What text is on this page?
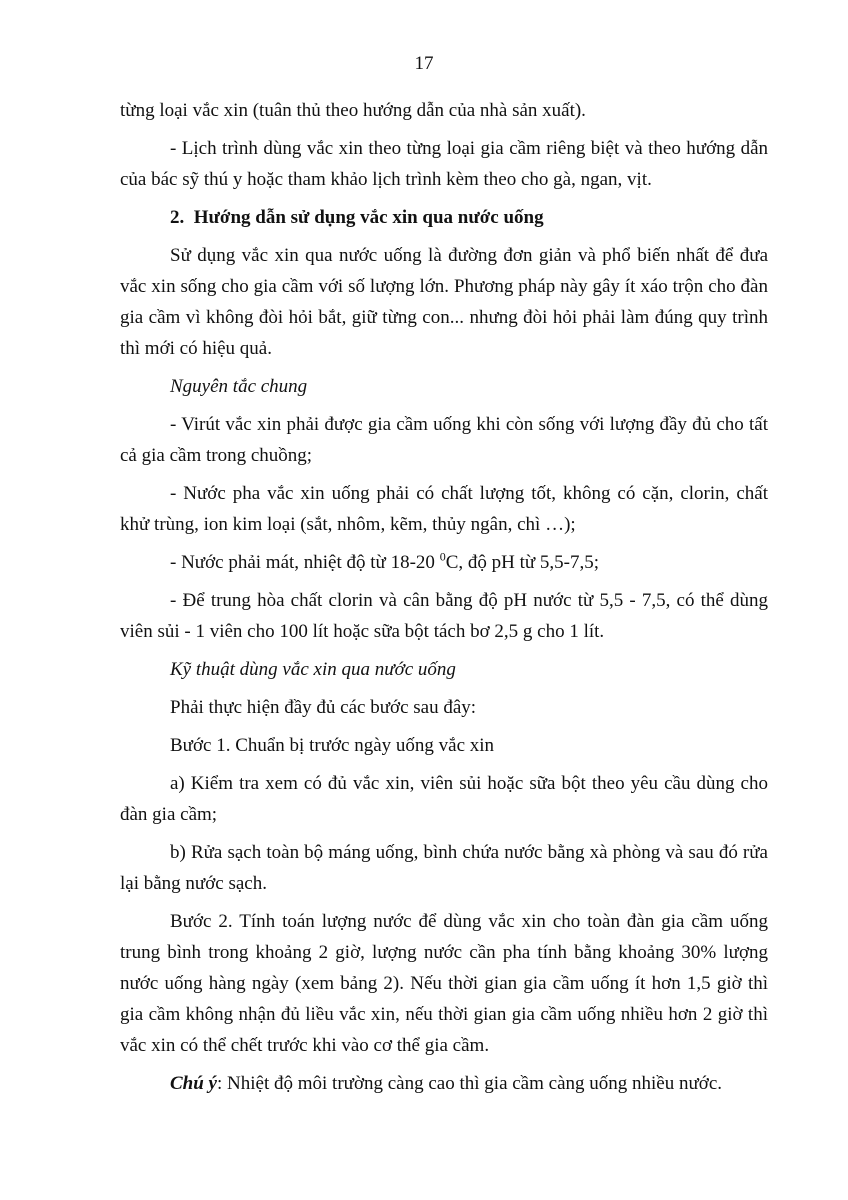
17

từng loại vắc xin (tuân thủ theo hướng dẫn của nhà sản xuất).

- Lịch trình dùng vắc xin theo từng loại gia cầm riêng biệt và theo hướng dẫn của bác sỹ thú y hoặc tham khảo lịch trình kèm theo cho gà, ngan, vịt.

2.  Hướng dẫn sử dụng vắc xin qua nước uống

Sử dụng vắc xin qua nước uống là đường đơn giản và phổ biến nhất để đưa vắc xin sống cho gia cầm với số lượng lớn. Phương pháp này gây ít xáo trộn cho đàn gia cầm vì không đòi hỏi bắt, giữ từng con... nhưng đòi hỏi phải làm đúng quy trình thì mới có hiệu quả.

Nguyên tắc chung

- Virút vắc xin phải được gia cầm uống khi còn sống với lượng đầy đủ cho tất cả gia cầm trong chuồng;

- Nước pha vắc xin uống phải có chất lượng tốt, không có cặn, clorin, chất khử trùng, ion kim loại (sắt, nhôm, kẽm, thủy ngân, chì …);

- Nước phải mát, nhiệt độ từ 18-20 $^0$C, độ pH từ 5,5-7,5;

- Để trung hòa chất clorin và cân bằng độ pH nước từ 5,5 - 7,5, có thể dùng viên sủi - 1 viên cho 100 lít hoặc sữa bột tách bơ 2,5 g cho 1 lít.

Kỹ thuật dùng vắc xin qua nước uống

Phải thực hiện đầy đủ các bước sau đây:

Bước 1. Chuẩn bị trước ngày uống vắc xin

a) Kiểm tra xem có đủ vắc xin, viên sủi hoặc sữa bột theo yêu cầu dùng cho đàn gia cầm;

b) Rửa sạch toàn bộ máng uống, bình chứa nước bằng xà phòng và sau đó rửa lại bằng nước sạch.

Bước 2. Tính toán lượng nước để dùng vắc xin cho toàn đàn gia cầm uống trung bình trong khoảng 2 giờ, lượng nước cần pha tính bằng khoảng 30% lượng nước uống hàng ngày (xem bảng 2). Nếu thời gian gia cầm uống ít hơn 1,5 giờ thì gia cầm không nhận đủ liều vắc xin, nếu thời gian gia cầm uống nhiều hơn 2 giờ thì vắc xin có thể chết trước khi vào cơ thể gia cầm.

Chú ý: Nhiệt độ môi trường càng cao thì gia cầm càng uống nhiều nước.
